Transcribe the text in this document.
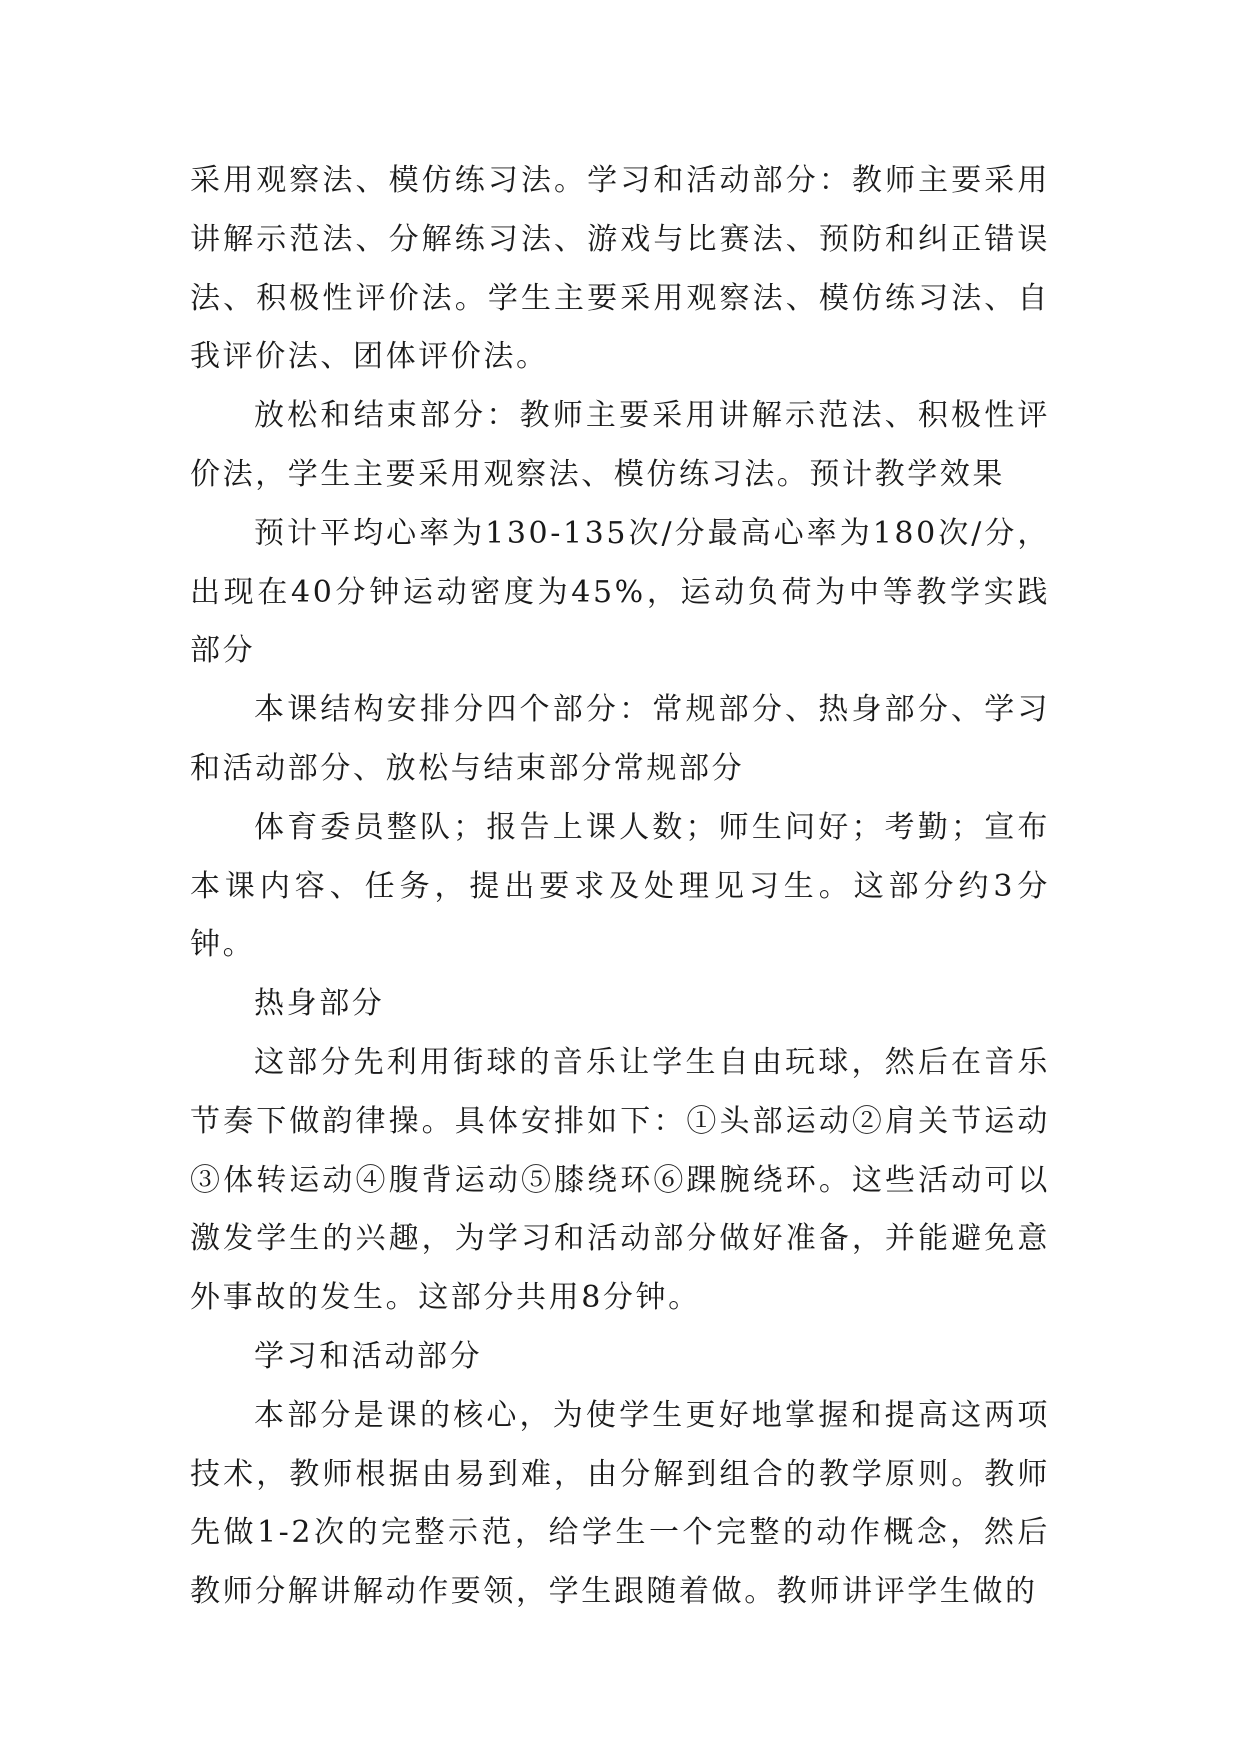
采用观察法、模仿练习法。学习和活动部分：教师主要采用讲解示范法、分解练习法、游戏与比赛法、预防和纠正错误法、积极性评价法。学生主要采用观察法、模仿练习法、自我评价法、团体评价法。

放松和结束部分：教师主要采用讲解示范法、积极性评价法，学生主要采用观察法、模仿练习法。预计教学效果

预计平均心率为130-135次/分最高心率为180次/分，出现在40分钟运动密度为45%，运动负荷为中等教学实践部分

本课结构安排分四个部分：常规部分、热身部分、学习和活动部分、放松与结束部分常规部分

体育委员整队；报告上课人数；师生问好；考勤；宣布本课内容、任务，提出要求及处理见习生。这部分约3分钟。

热身部分

这部分先利用街球的音乐让学生自由玩球，然后在音乐节奏下做韵律操。具体安排如下：①头部运动②肩关节运动③体转运动④腹背运动⑤膝绕环⑥踝腕绕环。这些活动可以激发学生的兴趣，为学习和活动部分做好准备，并能避免意外事故的发生。这部分共用8分钟。

学习和活动部分

本部分是课的核心，为使学生更好地掌握和提高这两项技术，教师根据由易到难，由分解到组合的教学原则。教师先做1-2次的完整示范，给学生一个完整的动作概念，然后教师分解讲解动作要领，学生跟随着做。教师讲评学生做的
